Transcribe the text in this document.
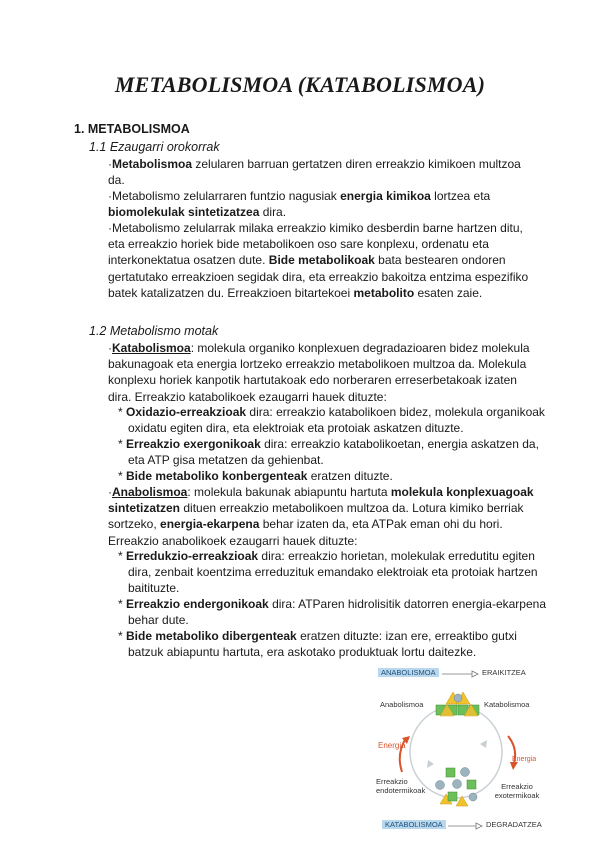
METABOLISMOA (KATABOLISMOA)
1. METABOLISMOA
1.1 Ezaugarri orokorrak

·Metabolismoa zelularen barruan gertatzen diren erreakzio kimikoen multzoa da.

·Metabolismo zelularraren funtzio nagusiak energia kimikoa lortzea eta biomolekulak sintetizatzea dira.

·Metabolismo zelularrak milaka erreakzio kimiko desberdin barne hartzen ditu, eta erreakzio horiek bide metabolikoen oso sare konplexu, ordenatu eta interkonektatua osatzen dute. Bide metabolikoak bata bestearen ondoren gertatutako erreakzioen segidak dira, eta erreakzio bakoitza entzima espezifiko batek katalizatzen du. Erreakzioen bitartekoei metabolito esaten zaie.

1.2 Metabolismo motak

·Katabolismoa: molekula organiko konplexuen degradazioaren bidez molekula bakunagoak eta energia lortzeko erreakzio metabolikoen multzoa da. Molekula konplexu horiek kanpotik hartutakoak edo norberaren erreserbetakoak izaten dira. Erreakzio katabolikoek ezaugarri hauek dituzte:

* Oxidazio-erreakzioak dira: erreakzio katabolikoen bidez, molekula organikoak oxidatu egiten dira, eta elektroiak eta protoiak askatzen dituzte.

* Erreakzio exergonikoak dira: erreakzio katabolikoetan, energia askatzen da, eta ATP gisa metatzen da gehienbat.

* Bide metaboliko konbergenteak eratzen dituzte.

·Anabolismoa: molekula bakunak abiapuntu hartuta molekula konplexuagoak sintetizatzen dituen erreakzio metabolikoen multzoa da. Lotura kimiko berriak sortzeko, energia-ekarpena behar izaten da, eta ATPak eman ohi du hori. Erreakzio anabolikoek ezaugarri hauek dituzte:

* Erredukzio-erreakzioak dira: erreakzio horietan, molekulak erredutitu egiten dira, zenbait koentzima erreduzituk emandako elektroiak eta protoiak hartzen baitituzte.

* Erreakzio endergonikoak dira: ATParen hidrolisitik datorren energia-ekarpena behar dute.

* Bide metaboliko dibergenteak eratzen dituzte: izan ere, erreaktibo gutxi batzuk abiapuntu hartuta, era askotako produktuak lortu daitezke.

ANABOLISMOA	ERAIKITZEA
Anabolismoa	Katabolismoa
Energia
Energia
Erreakzio endotermikoak	Erreakzio exotermikoak
KATABOLISMOA	DEGRADATZEA
